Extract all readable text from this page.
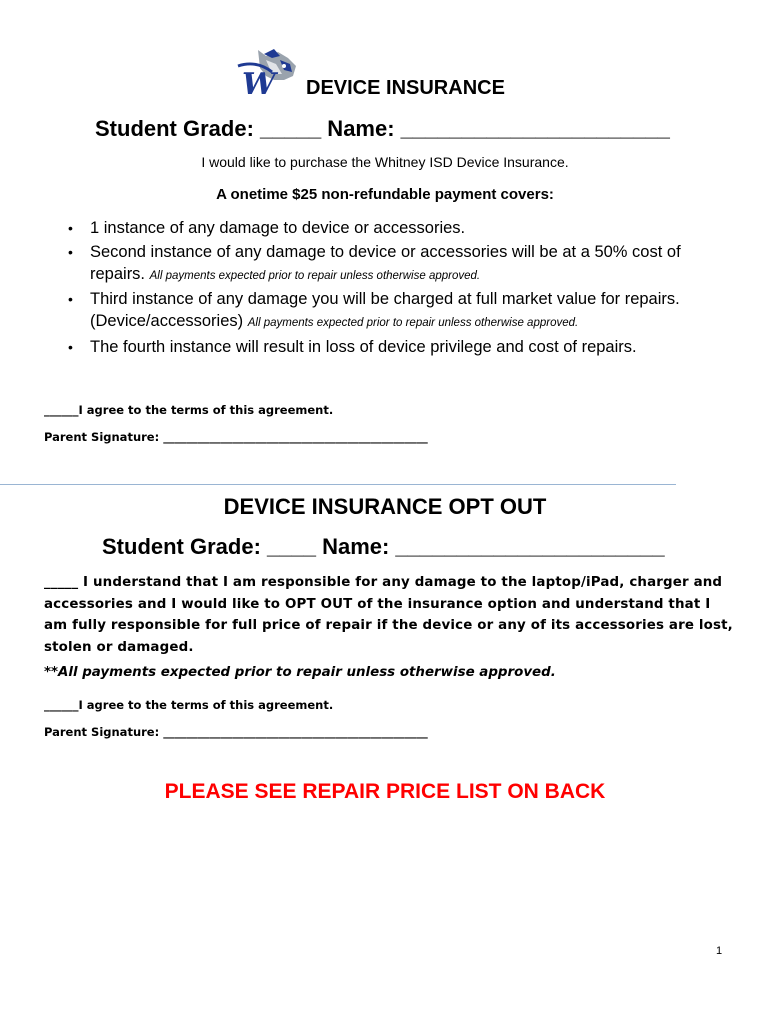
W DEVICE INSURANCE
Student Grade: _____ Name: ______________________
I would like to purchase the Whitney ISD Device Insurance.
A onetime $25 non-refundable payment covers:
• 1 instance of any damage to device or accessories.
• Second instance of any damage to device or accessories will be at a 50% cost of repairs. All payments expected prior to repair unless otherwise approved.
• Third instance of any damage you will be charged at full market value for repairs. (Device/accessories) All payments expected prior to repair unless otherwise approved.
• The fourth instance will result in loss of device privilege and cost of repairs.
______I agree to the terms of this agreement.
Parent Signature: ______________________________________________
DEVICE INSURANCE OPT OUT
Student Grade: ____ Name: ______________________
_____ I understand that I am responsible for any damage to the laptop/iPad, charger and accessories and I would like to OPT OUT of the insurance option and understand that I am fully responsible for full price of repair if the device or any of its accessories are lost, stolen or damaged.
**All payments expected prior to repair unless otherwise approved.
______I agree to the terms of this agreement.
Parent Signature: ______________________________________________
PLEASE SEE REPAIR PRICE LIST ON BACK
1
